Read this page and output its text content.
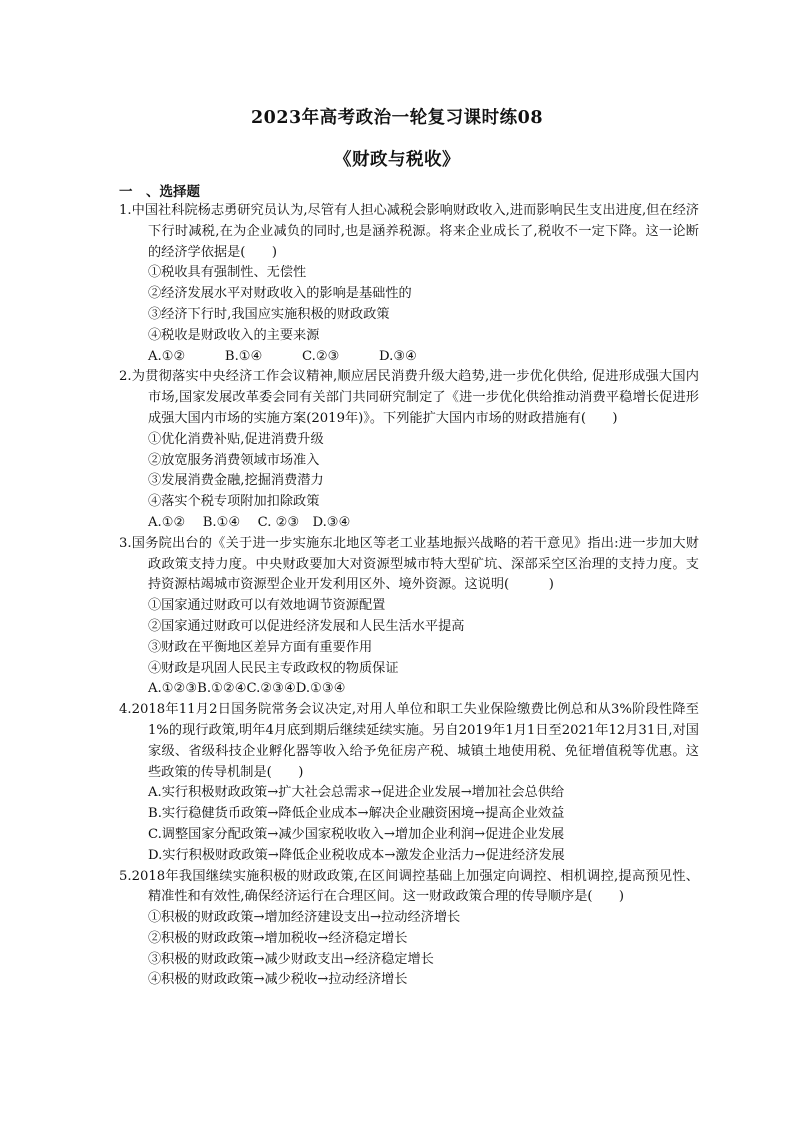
2023年高考政治一轮复习课时练08
《财政与税收》
一　、选择题
1.中国社科院杨志勇研究员认为,尽管有人担心减税会影响财政收入,进而影响民生支出进度,但在经济下行时减税,在为企业减负的同时,也是涵养税源。将来企业成长了,税收不一定下降。这一论断的经济学依据是(　　)
①税收具有强制性、无偿性
②经济发展水平对财政收入的影响是基础性的
③经济下行时,我国应实施积极的财政政策
④税收是财政收入的主要来源
A.①②　　　B.①④　　　C.②③　　　D.③④
2.为贯彻落实中央经济工作会议精神,顺应居民消费升级大趋势,进一步优化供给, 促进形成强大国内市场,国家发展改革委会同有关部门共同研究制定了《进一步优化供给推动消费平稳增长促进形成强大国内市场的实施方案(2019年)》。下列能扩大国内市场的财政措施有(　　)
①优化消费补贴,促进消费升级
②放宽服务消费领域市场准入
③发展消费金融,挖掘消费潜力
④落实个税专项附加扣除政策
A.①②　 B.①④　 C. ②③　D.③④
3.国务院出台的《关于进一步实施东北地区等老工业基地振兴战略的若干意见》指出:进一步加大财政政策支持力度。中央财政要加大对资源型城市特大型矿坑、深部采空区治理的支持力度。支持资源枯竭城市资源型企业开发利用区外、境外资源。这说明(　　　)
①国家通过财政可以有效地调节资源配置
②国家通过财政可以促进经济发展和人民生活水平提高
③财政在平衡地区差异方面有重要作用
④财政是巩固人民民主专政政权的物质保证
A.①②③B.①②④C.②③④D.①③④
4.2018年11月2日国务院常务会议决定,对用人单位和职工失业保险缴费比例总和从3%阶段性降至1%的现行政策,明年4月底到期后继续延续实施。另自2019年1月1日至2021年12月31日,对国家级、省级科技企业孵化器等收入给予免征房产税、城镇土地使用税、免征增值税等优惠。这些政策的传导机制是(　　)
A.实行积极财政政策→扩大社会总需求→促进企业发展→增加社会总供给
B.实行稳健货币政策→降低企业成本→解决企业融资困境→提高企业效益
C.调整国家分配政策→减少国家税收收入→增加企业利润→促进企业发展
D.实行积极财政政策→降低企业税收成本→激发企业活力→促进经济发展
5.2018年我国继续实施积极的财政政策,在区间调控基础上加强定向调控、相机调控,提高预见性、精准性和有效性,确保经济运行在合理区间。这一财政政策合理的传导顺序是(　　)
①积极的财政政策→增加经济建设支出→拉动经济增长
②积极的财政政策→增加税收→经济稳定增长
③积极的财政政策→减少财政支出→经济稳定增长
④积极的财政政策→减少税收→拉动经济增长
